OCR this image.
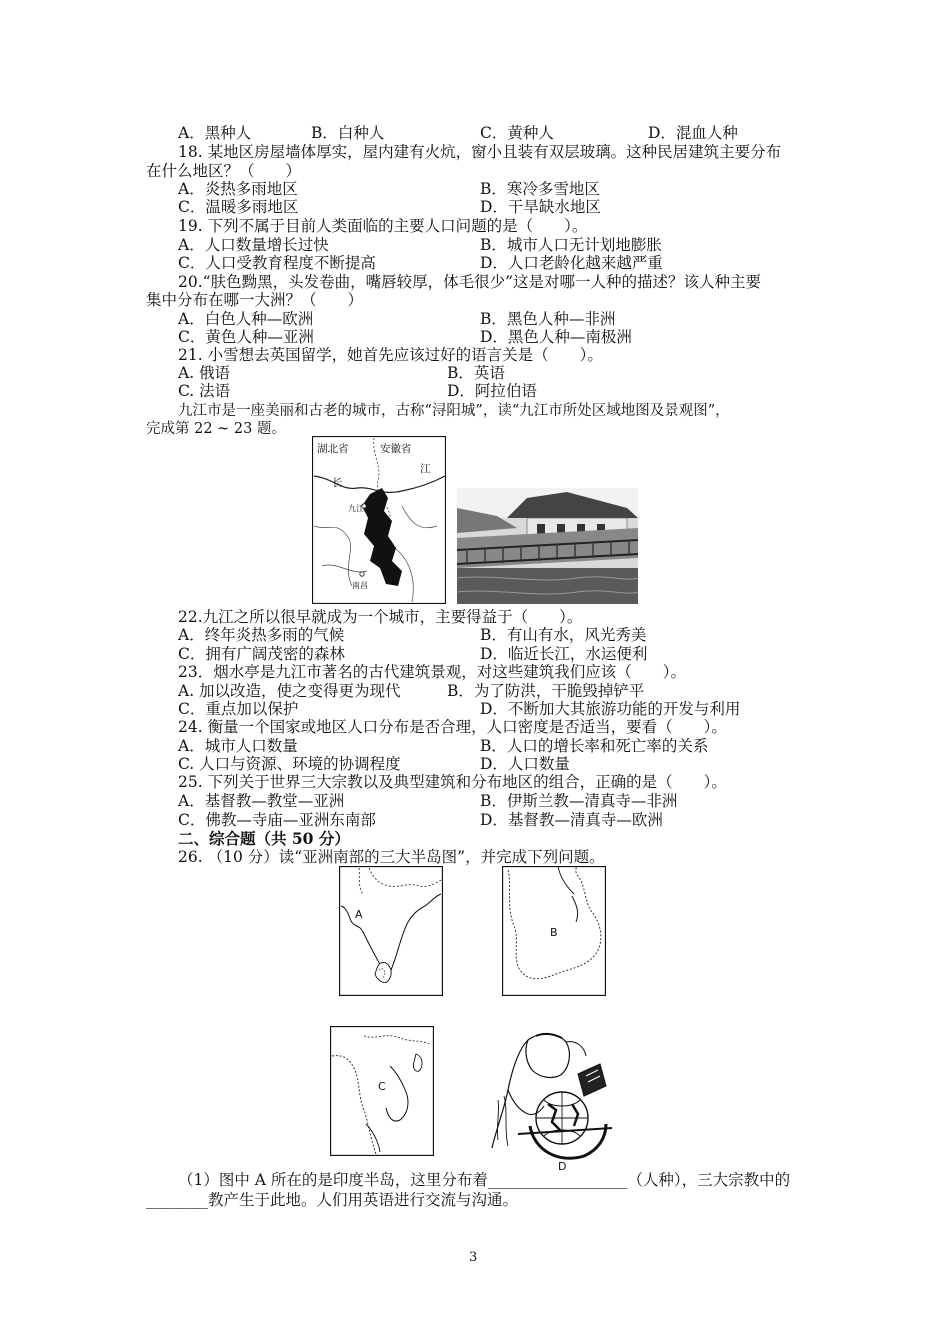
A．黑种人	B．白种人	C．黄种人	D．混血人种
18. 某地区房屋墙体厚实，屋内建有火炕，窗小且装有双层玻璃。这种民居建筑主要分布
在什么地区？（　　）
A．炎热多雨地区	B．寒冷多雪地区
C．温暖多雨地区	D．干旱缺水地区
19. 下列不属于目前人类面临的主要人口问题的是（　　）。
A．人口数量增长过快	B．城市人口无计划地膨胀
C．人口受教育程度不断提高	D．人口老龄化越来越严重
20.“肤色黝黑，头发卷曲，嘴唇较厚，体毛很少”这是对哪一人种的描述？该人种主要
集中分布在哪一大洲？（　　）
A．白色人种—欧洲	B．黑色人种—非洲
C．黄色人种—亚洲	D．黑色人种—南极洲
21. 小雪想去英国留学，她首先应该过好的语言关是（　　）。
A. 俄语	B．英语
C. 法语	D．阿拉伯语
九江市是一座美丽和古老的城市，古称“浔阳城”，读“九江市所处区域地图及景观图”，
完成第 22 ~ 23 题。
湖北省	安徽省
江
长
九江
南昌
22.九江之所以很早就成为一个城市，主要得益于（　　）。
A．终年炎热多雨的气候	B．有山有水，风光秀美
C．拥有广阔茂密的森林	D．临近长江，水运便利
23．烟水亭是九江市著名的古代建筑景观，对这些建筑我们应该（　　）。
A. 加以改造，使之变得更为现代	B．为了防洪，干脆毁掉铲平
C．重点加以保护	D．不断加大其旅游功能的开发与利用
24. 衡量一个国家或地区人口分布是否合理，人口密度是否适当，要看（　　）。
A．城市人口数量	B．人口的增长率和死亡率的关系
C. 人口与资源、环境的协调程度	D．人口数量
25. 下列关于世界三大宗教以及典型建筑和分布地区的组合，正确的是（　　）。
A．基督教—教堂—亚洲	B．伊斯兰教—清真寺—非洲
C．佛教—寺庙—亚洲东南部	D．基督教—清真寺—欧洲
二、综合题（共 50 分）
26. （10 分）读“亚洲南部的三大半岛图”，并完成下列问题。
A
B
C
D
（1）图中 A 所在的是印度半岛，这里分布着__________________（人种），三大宗教中的
________教产生于此地。人们用英语进行交流与沟通。
3
